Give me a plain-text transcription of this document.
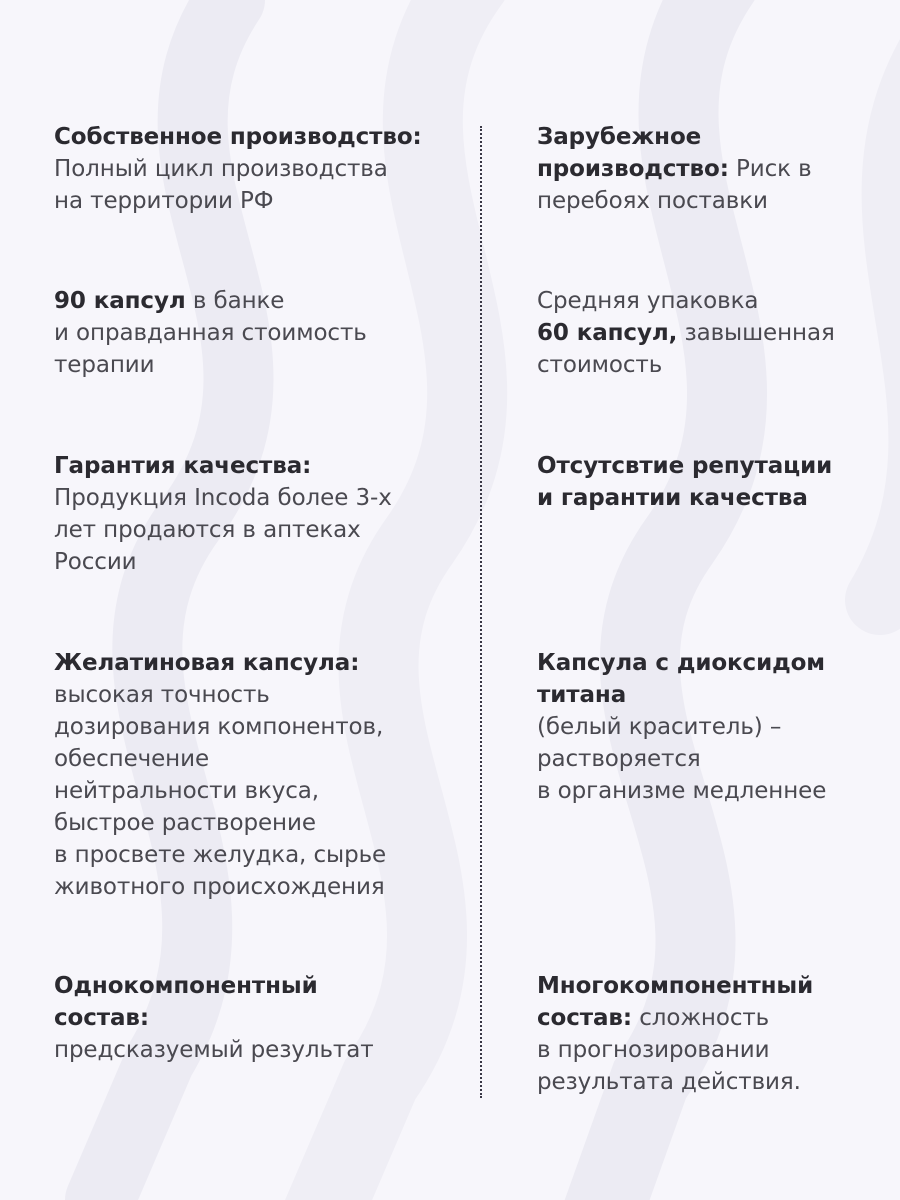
Собственное производство:
Полный цикл производства
на территории РФ
90 капсул в банке
и оправданная стоимость
терапии
Гарантия качества:
Продукция Incoda более 3-х
лет продаются в аптеках
России
Желатиновая капсула:
высокая точность
дозирования компонентов,
обеспечение
нейтральности вкуса,
быстрое растворение
в просвете желудка, сырье
животного происхождения
Однокомпонентный
состав:
предсказуемый результат
Зарубежное
производство: Риск в
перебоях поставки
Средняя упаковка
60 капсул, завышенная
стоимость
Отсутсвтие репутации
и гарантии качества
Капсула с диоксидом
титана
(белый краситель) –
растворяется
в организме медленнее
Многокомпонентный
состав: сложность
в прогнозировании
результата действия.
